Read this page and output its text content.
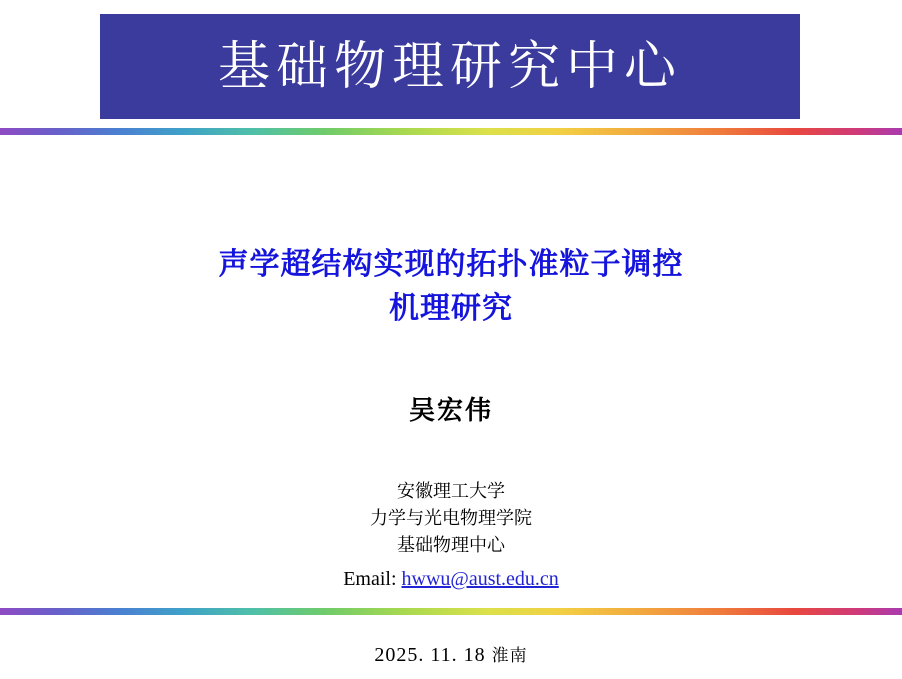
基础物理研究中心
声学超结构实现的拓扑准粒子调控
机理研究
吴宏伟
安徽理工大学
力学与光电物理学院
基础物理中心
Email: hwwu@aust.edu.cn
2025. 11. 18 淮南
